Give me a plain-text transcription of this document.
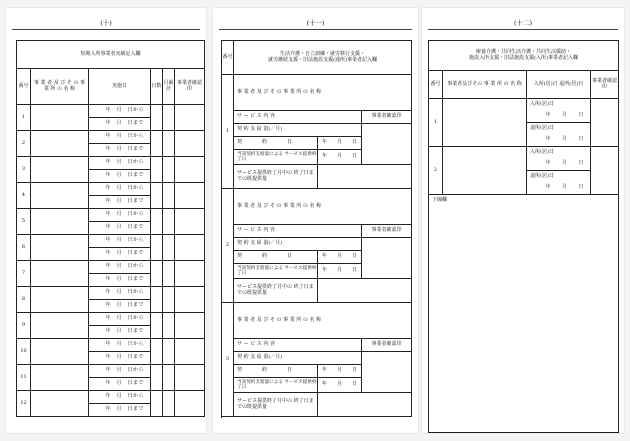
(十)
短期入所事業者実績記入欄					
番号	事 業 者 及 び そ の 事 業 所 の 名 称	実施日	日数	月累計	事業者確認印
1		年　月　日から			
		年　月　日まで			
2		年　月　日から			
		年　月　日まで			
3		年　月　日から			
		年　月　日まで			
4		年　月　日から			
		年　月　日まで			
5		年　月　日から			
		年　月　日まで			
6		年　月　日から			
		年　月　日まで			
7		年　月　日から			
		年　月　日まで			
8		年　月　日から			
		年　月　日まで			
9		年　月　日から			
		年　月　日まで			
10		年　月　日から			
		年　月　日まで			
11		年　月　日から			
		年　月　日まで			
12		年　月　日から			
		年　月　日まで			
(十一)
番号	生活介護・自立訓練・就労移行支援・
就労継続支援・旧法施設支援(通所)事業者記入欄		
1	事 業 者 及 び そ の 事 業 所 の 名 称		
	サ ー ビ ス 内 容		事業者確認印
	契 約 支 給 量(／月)		
	契　　　　約　　　　日	年　　月　　日	
	当該契約支給量による サービス提供終了日	年　　月　　日	
	サービス提供終了月中の 終了日までの既提供量		

2	事 業 者 及 び そ の 事 業 所 の 名 称		
	サ ー ビ ス 内 容		事業者確認印
	契 約 支 給 量(／月)		
	契　　　　約　　　　日	年　　月　　日	
	当該契約支給量による サービス提供終了日	年　　月　　日	
	サービス提供終了月中の 終了日までの既提供量		

3	事 業 者 及 び そ の 事 業 所 の 名 称		
	サ ー ビ ス 内 容		事業者確認印
	契 約 支 給 量(／月)		
	契　　　　約　　　　日	年　　月　　日	
	当該契約支給量による サービス提供終了日	年　　月　　日	
	サービス提供終了月中の 終了日までの既提供量		

(十二)
療養介護・共同生活介護・共同生活援助・
施設入所支援・旧法施設支援(入所)事業者記入欄			
番号	事業者及びその 事 業 所 の 名 称	入所(居)日 退所(居)日	事業者確認印
1		入所(居)日	
		年　　月　　日	
		退所(居)日	
		年　　月　　日	
2		入所(居)日	
		年　　月　　日	
		退所(居)日	
		年　　月　　日	
下線欄			
